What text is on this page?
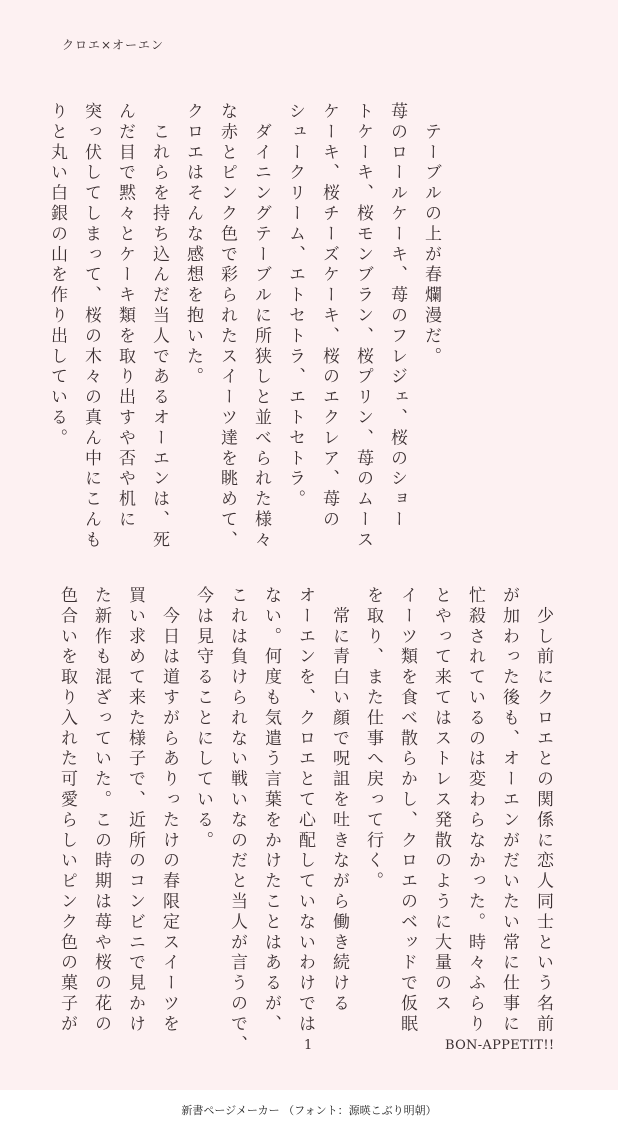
クロエ×オーエン

　テーブルの上が春爛漫だ。

苺のロールケーキ、苺のフレジェ、桜のショー

トケーキ、桜モンブラン、桜プリン、苺のムース

ケーキ、桜チーズケーキ、桜のエクレア、苺の

シュークリーム、エトセトラ、エトセトラ。

　ダイニングテーブルに所狭しと並べられた様々

な赤とピンク色で彩られたスイーツ達を眺めて、

クロエはそんな感想を抱いた。

　これらを持ち込んだ当人であるオーエンは、死

んだ目で黙々とケーキ類を取り出すや否や机に

突っ伏してしまって、桜の木々の真ん中にこんも

りと丸い白銀の山を作り出している。

　少し前にクロエとの関係に恋人同士という名前

が加わった後も、オーエンがだいたい常に仕事に

忙殺されているのは変わらなかった。時々ふらり

とやって来てはストレス発散のように大量のス

イーツ類を食べ散らかし、クロエのベッドで仮眠

を取り、また仕事へ戻って行く。

　常に青白い顔で呪詛を吐きながら働き続ける

オーエンを、クロエとて心配していないわけでは

ない。何度も気遣う言葉をかけたことはあるが、

これは負けられない戦いなのだと当人が言うので、

今は見守ることにしている。

　今日は道すがらありったけの春限定スイーツを

買い求めて来た様子で、近所のコンビニで見かけ

た新作も混ざっていた。この時期は苺や桜の花の

色合いを取り入れた可愛らしいピンク色の菓子が

1	BON-APPETIT!!
新書ページメーカー （フォント：源暎こぶり明朝）
